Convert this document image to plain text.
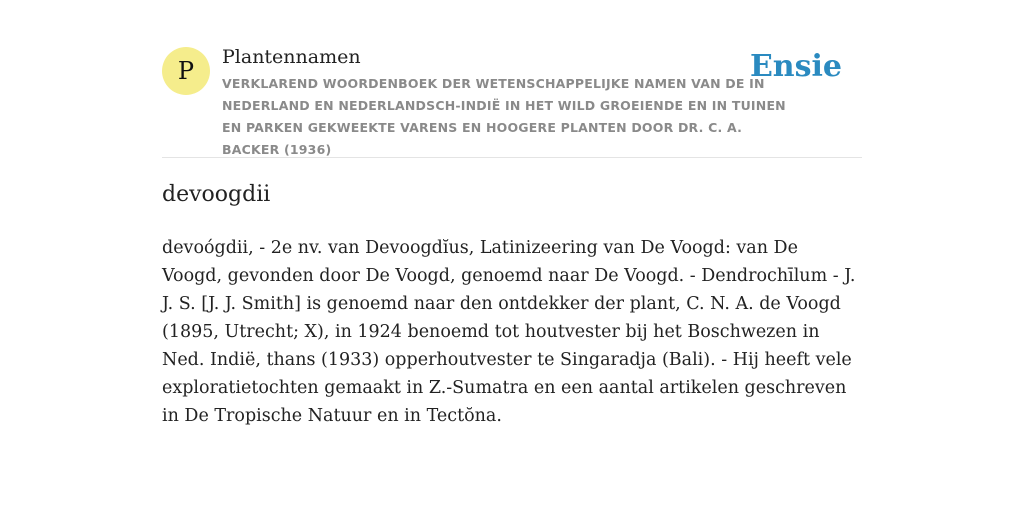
P	Plantennamen
VERKLAREND WOORDENBOEK DER WETENSCHAPPELIJKE NAMEN VAN DE IN NEDERLAND EN NEDERLANDSCH-INDIË IN HET WILD GROEIENDE EN IN TUINEN EN PARKEN GEKWEEKTE VARENS EN HOOGERE PLANTEN DOOR DR. C. A. BACKER (1936)
Ensie
devoogdii
devoógdii, - 2e nv. van Devoogdĭus, Latinizeering van De Voogd: van De Voogd, gevonden door De Voogd, genoemd naar De Voogd. - Dendrochīlum - J. J. S. [J. J. Smith] is genoemd naar den ontdekker der plant, C. N. A. de Voogd (1895, Utrecht; X), in 1924 benoemd tot houtvester bij het Boschwezen in Ned. Indië, thans (1933) opperhoutvester te Singaradja (Bali). - Hij heeft vele exploratietochten gemaakt in Z.-Sumatra en een aantal artikelen geschreven in De Tropische Natuur en in Tectŏna.
